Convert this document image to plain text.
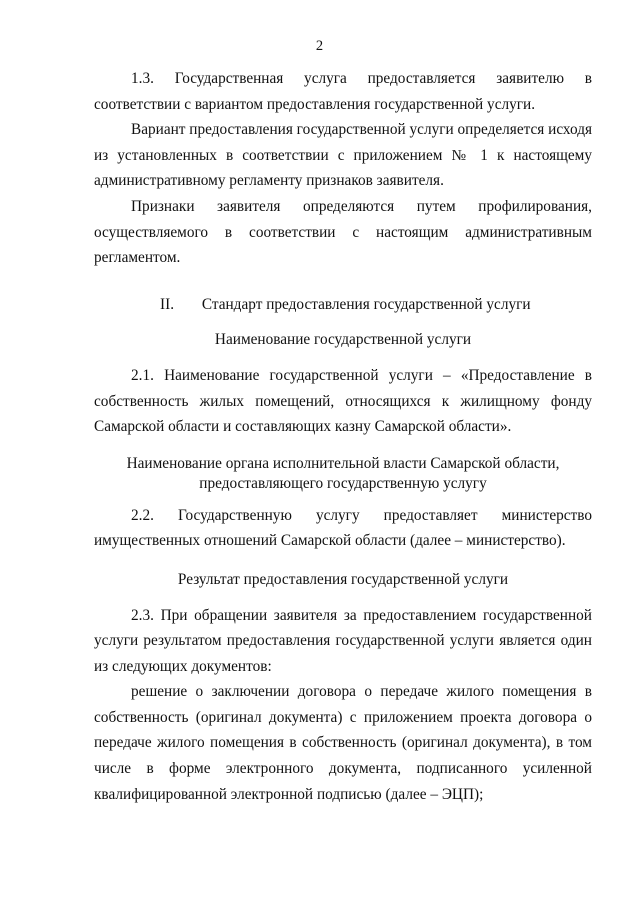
2

1.3. Государственная услуга предоставляется заявителю в соответствии с вариантом предоставления государственной услуги.

Вариант предоставления государственной услуги определяется исходя из установленных в соответствии с приложением № 1 к настоящему административному регламенту признаков заявителя.

Признаки заявителя определяются путем профилирования, осуществляемого в соответствии с настоящим административным регламентом.

II. Стандарт предоставления государственной услуги
Наименование государственной услуги

2.1. Наименование государственной услуги – «Предоставление в собственность жилых помещений, относящихся к жилищному фонду Самарской области и составляющих казну Самарской области».

Наименование органа исполнительной власти Самарской области,
предоставляющего государственную услугу

2.2. Государственную услугу предоставляет министерство имущественных отношений Самарской области (далее – министерство).

Результат предоставления государственной услуги

2.3. При обращении заявителя за предоставлением государственной услуги результатом предоставления государственной услуги является один из следующих документов:

решение о заключении договора о передаче жилого помещения в собственность (оригинал документа) с приложением проекта договора о передаче жилого помещения в собственность (оригинал документа), в том числе в форме электронного документа, подписанного усиленной квалифицированной электронной подписью (далее – ЭЦП);
